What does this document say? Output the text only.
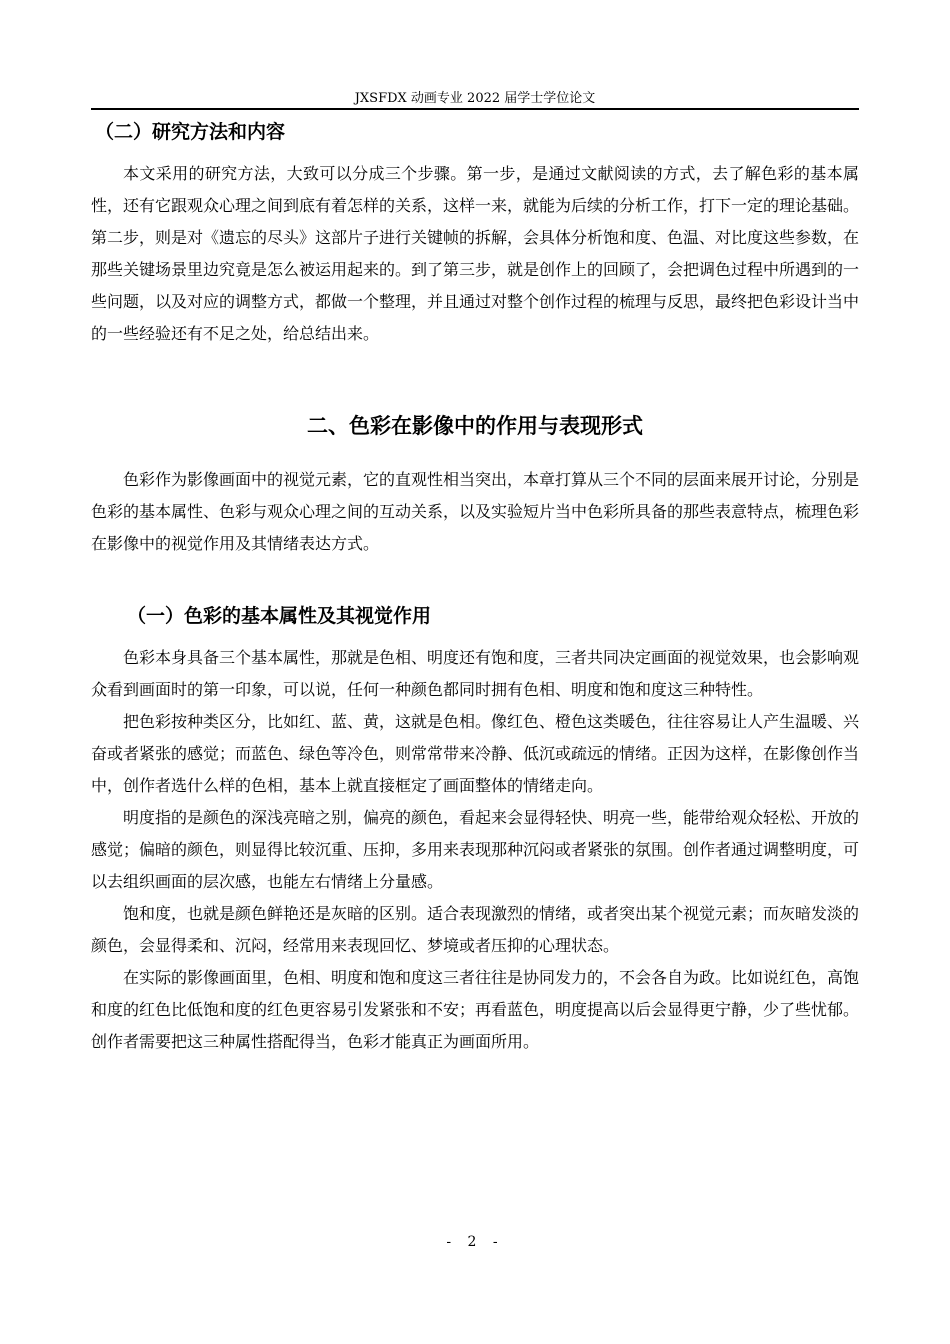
JXSFDX 动画专业 2022 届学士学位论文
（二）研究方法和内容

本文采用的研究方法，大致可以分成三个步骤。第一步，是通过文献阅读的方式，去了解色彩的基本属性，还有它跟观众心理之间到底有着怎样的关系，这样一来，就能为后续的分析工作，打下一定的理论基础。第二步，则是对《遗忘的尽头》这部片子进行关键帧的拆解，会具体分析饱和度、色温、对比度这些参数，在那些关键场景里边究竟是怎么被运用起来的。到了第三步，就是创作上的回顾了，会把调色过程中所遇到的一些问题，以及对应的调整方式，都做一个整理，并且通过对整个创作过程的梳理与反思，最终把色彩设计当中的一些经验还有不足之处，给总结出来。

二、色彩在影像中的作用与表现形式

色彩作为影像画面中的视觉元素，它的直观性相当突出，本章打算从三个不同的层面来展开讨论，分别是色彩的基本属性、色彩与观众心理之间的互动关系，以及实验短片当中色彩所具备的那些表意特点，梳理色彩在影像中的视觉作用及其情绪表达方式。

（一）色彩的基本属性及其视觉作用

色彩本身具备三个基本属性，那就是色相、明度还有饱和度，三者共同决定画面的视觉效果，也会影响观众看到画面时的第一印象，可以说，任何一种颜色都同时拥有色相、明度和饱和度这三种特性。

把色彩按种类区分，比如红、蓝、黄，这就是色相。像红色、橙色这类暖色，往往容易让人产生温暖、兴奋或者紧张的感觉；而蓝色、绿色等冷色，则常常带来冷静、低沉或疏远的情绪。正因为这样，在影像创作当中，创作者选什么样的色相，基本上就直接框定了画面整体的情绪走向。

明度指的是颜色的深浅亮暗之别，偏亮的颜色，看起来会显得轻快、明亮一些，能带给观众轻松、开放的感觉；偏暗的颜色，则显得比较沉重、压抑，多用来表现那种沉闷或者紧张的氛围。创作者通过调整明度，可以去组织画面的层次感，也能左右情绪上分量感。

饱和度，也就是颜色鲜艳还是灰暗的区别。适合表现激烈的情绪，或者突出某个视觉元素；而灰暗发淡的颜色，会显得柔和、沉闷，经常用来表现回忆、梦境或者压抑的心理状态。

在实际的影像画面里，色相、明度和饱和度这三者往往是协同发力的，不会各自为政。比如说红色，高饱和度的红色比低饱和度的红色更容易引发紧张和不安；再看蓝色，明度提高以后会显得更宁静，少了些忧郁。创作者需要把这三种属性搭配得当，色彩才能真正为画面所用。

- 2 -
